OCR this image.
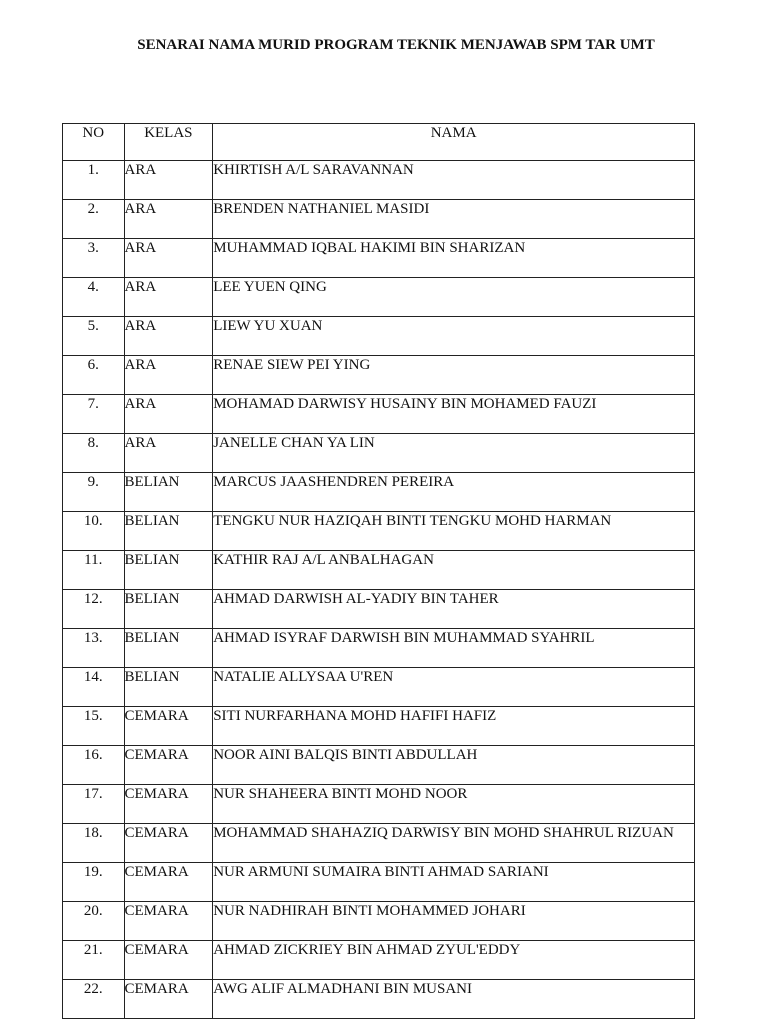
SENARAI NAMA MURID PROGRAM TEKNIK MENJAWAB SPM TAR UMT
NO	KELAS	NAMA
1.	ARA	KHIRTISH A/L SARAVANNAN
2.	ARA	BRENDEN NATHANIEL MASIDI
3.	ARA	MUHAMMAD IQBAL HAKIMI BIN SHARIZAN
4.	ARA	LEE YUEN QING
5.	ARA	LIEW YU XUAN
6.	ARA	RENAE SIEW PEI YING
7.	ARA	MOHAMAD DARWISY HUSAINY BIN MOHAMED FAUZI
8.	ARA	JANELLE CHAN YA LIN
9.	BELIAN	MARCUS JAASHENDREN PEREIRA
10.	BELIAN	TENGKU NUR HAZIQAH BINTI TENGKU MOHD HARMAN
11.	BELIAN	KATHIR RAJ A/L ANBALHAGAN
12.	BELIAN	AHMAD DARWISH AL-YADIY BIN TAHER
13.	BELIAN	AHMAD ISYRAF DARWISH BIN MUHAMMAD SYAHRIL
14.	BELIAN	NATALIE ALLYSAA U'REN
15.	CEMARA	SITI NURFARHANA MOHD HAFIFI HAFIZ
16.	CEMARA	NOOR AINI BALQIS BINTI ABDULLAH
17.	CEMARA	NUR SHAHEERA BINTI MOHD NOOR
18.	CEMARA	MOHAMMAD SHAHAZIQ DARWISY BIN MOHD SHAHRUL RIZUAN
19.	CEMARA	NUR ARMUNI SUMAIRA BINTI AHMAD SARIANI
20.	CEMARA	NUR NADHIRAH BINTI MOHAMMED JOHARI
21.	CEMARA	AHMAD ZICKRIEY BIN AHMAD ZYUL'EDDY
22.	CEMARA	AWG ALIF ALMADHANI BIN MUSANI
